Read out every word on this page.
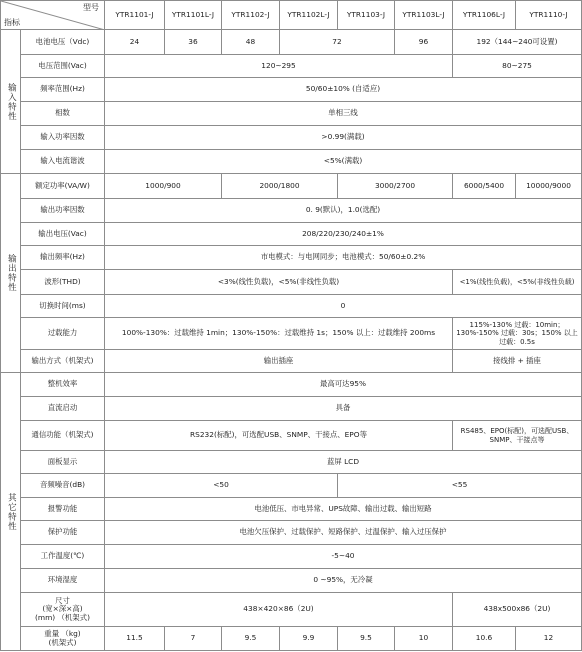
型号
指标		YTR1101-J	YTR1101L-J	YTR1102-J	YTR1102L-J	YTR1103-J	YTR1103L-J	YTR1106L-J	YTR1110-J
输入特性	电池电压（Vdc)	24	36	48	72		96	192（144~240可设置)	
	电压范围(Vac)	120~295						80~275	
	频率范围(Hz)	50/60±10% (自适应)							
	相数	单相三线							
	输入功率因数	>0.99(满载)							
	输入电流谐波	<5%(满载)							
输出特性	额定功率(VA/W)	1000/900		2000/1800		3000/2700		6000/5400	10000/9000
	输出功率因数	0. 9(默认)，1.0(选配)							
	输出电压(Vac)	208/220/230/240±1%							
	输出频率(Hz)	市电模式：与电网同步；电池模式：50/60±0.2%							
	波形(THD)	<3%(线性负载)，<5%(非线性负载)						<1%(线性负载)，<5%(非线性负载)	
	切换时间(ms)	0							
	过载能力	100%-130%：过载维持 1min；130%-150%：过载维持 1s；150% 以上：过载维持 200ms						115%-130% 过载：10min；130%-150% 过载：30s；150% 以上过载：0.5s	
	输出方式（机架式)	输出插座						接线排 + 插座	
其它特性	整机效率	最高可达95%							
	直流启动	具备							
	通信功能（机架式)	RS232(标配)，可选配USB、SNMP、干接点、EPO等						RS485、EPO(标配)，可选配USB、SNMP、干接点等	
	面板显示	蓝屏 LCD							
	音频噪音(dB)	<50				<55			
	报警功能	电池低压、市电异常、UPS故障、输出过载、输出短路							
	保护功能	电池欠压保护、过载保护、短路保护、过温保护、输入过压保护							
	工作温度(℃)	-5~40							
	环境湿度	0 ~95%，无冷凝							

	尺寸
(宽×深×高)
(mm) （机架式)	438×420×86（2U)						438x500x86（2U)	

	重量 （kg)
(机架式)	11.5	7	9.5	9.9	9.5	10	10.6	12
